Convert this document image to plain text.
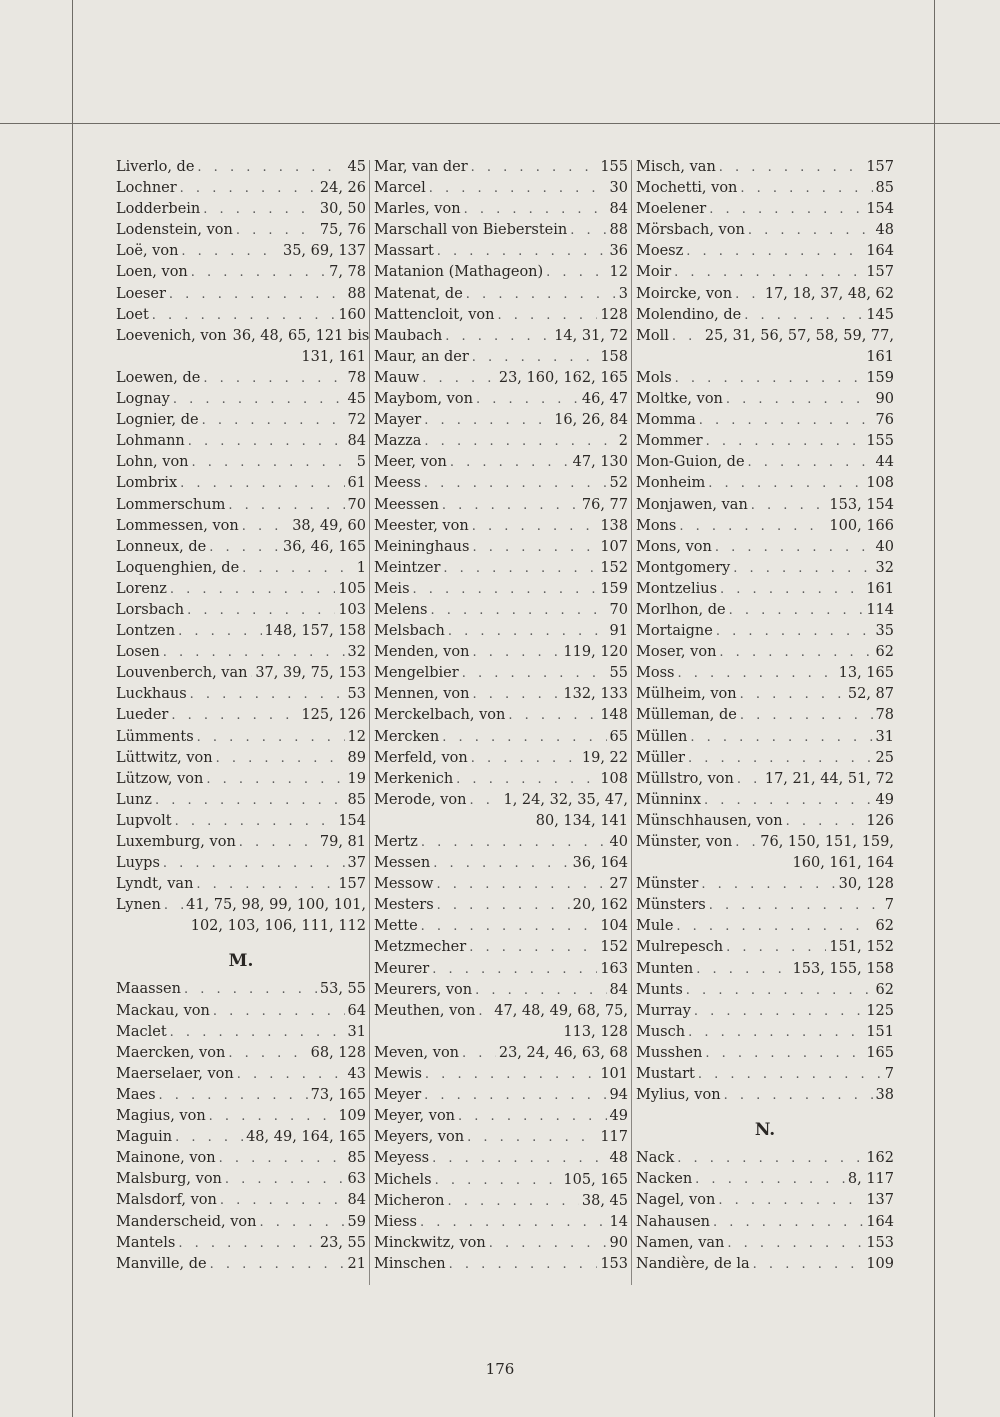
Liverlo, de . . .	45
Lochner . . .	24, 26
Lodderbein . . .	30, 50
Lodenstein, von . . .	75, 76
Loë, von . . .	35, 69, 137
Loen, von . . .	7, 78
Loeser . . .	88
Loet . . .	160
Loevenich, von 36, 48, 65, 121 bis
131, 161
Loewen, de . . .	78
Lognay . . .	45
Lognier, de . . .	72
Lohmann . . .	84
Lohn, von . . .	5
Lombrix . . .	61
Lommerschum . . .	70
Lommessen, von . . .	38, 49, 60
Lonneux, de . . .	36, 46, 165
Loquenghien, de . . .	1
Lorenz . . .	105
Lorsbach . . .	103
Lontzen . . .	148, 157, 158
Losen . . .	32
Louvenberch, van . . . 37, 39, 75, 153
Luckhaus . . .	53
Lueder . . .	125, 126
Lümments . . .	12
Lüttwitz, von . . .	89
Lützow, von . . .	19
Lunz . . .	85
Lupvolt . . .	154
Luxemburg, von . . .	79, 81
Luyps . . .	37
Lyndt, van . . .	157
Lynen . . . 41, 75, 98, 99, 100, 101,
102, 103, 106, 111, 112
M.
Maassen . . .	53, 55
Mackau, von . . .	64
Maclet . . .	31
Maercken, von . . .	68, 128
Maerselaer, von . . .	43
Maes . . .	73, 165
Magius, von . . .	109
Maguin . . .	48, 49, 164, 165
Mainone, von . . .	85
Malsburg, von . . .	63
Malsdorf, von . . .	84
Manderscheid, von . . .	59
Mantels . . .	23, 55
Manville, de . . .	21
Mar, van der . . .	155
Marcel . . .	30
Marles, von . . .	84
Marschall von Bieberstein . . .	88
Massart . . .	36
Matanion (Mathageon) . . .	12
Matenat, de . . .	3
Mattencloit, von . . .	128
Maubach . . .	14, 31, 72
Maur, an der . . .	158
Mauw . . .	23, 160, 162, 165
Maybom, von . . .	46, 47
Mayer . . .	16, 26, 84
Mazza . . .	2
Meer, von . . .	47, 130
Meess . . .	52
Meessen . . .	76, 77
Meester, von . . .	138
Meininghaus . . .	107
Meintzer . . .	152
Meis . . .	159
Melens . . .	70
Melsbach . . .	91
Menden, von . . .	119, 120
Mengelbier . . .	55
Mennen, von . . .	132, 133
Merckelbach, von . . .	148
Mercken . . .	65
Merfeld, von . . .	19, 22
Merkenich . . .	108
Merode, von . . .	1, 24, 32, 35, 47,
80, 134, 141
Mertz . . .	40
Messen . . .	36, 164
Messow . . .	27
Mesters . . .	20, 162
Mette . . .	104
Metzmecher . . .	152
Meurer . . .	163
Meurers, von . . .	84
Meuthen, von . . . 47, 48, 49, 68, 75,
113, 128
Meven, von . . .	23, 24, 46, 63, 68
Mewis . . .	101
Meyer . . .	94
Meyer, von . . .	49
Meyers, von . . .	117
Meyess . . .	48
Michels . . .	105, 165
Micheron . . .	38, 45
Miess . . .	14
Minckwitz, von . . .	90
Minschen . . .	153
Misch, van . . .	157
Mochetti, von . . .	85
Moelener . . .	154
Mörsbach, von . . .	48
Moesz . . .	164
Moir . . .	157
Moircke, von . . . 17, 18, 37, 48, 62
Molendino, de . . .	145
Moll . . . 25, 31, 56, 57, 58, 59, 77,
161
Mols . . .	159
Moltke, von . . .	90
Momma . . .	76
Mommer . . .	155
Mon-Guion, de . . .	44
Monheim . . .	108
Monjawen, van . . .	153, 154
Mons . . .	100, 166
Mons, von . . .	40
Montgomery . . .	32
Montzelius . . .	161
Morlhon, de . . .	114
Mortaigne . . .	35
Moser, von . . .	62
Moss . . .	13, 165
Mülheim, von . . .	52, 87
Mülleman, de . . .	78
Müllen . . .	31
Müller . . .	25
Müllstro, von . . . 17, 21, 44, 51, 72
Münninx . . .	49
Münschhausen, von . . .	126
Münster, von . . . 76, 150, 151, 159,
160, 161, 164
Münster . . .	30, 128
Münsters . . .	7
Mule . . .	62
Mulrepesch . . .	151, 152
Munten . . .	153, 155, 158
Munts . . .	62
Murray . . .	125
Musch . . .	151
Musshen . . .	165
Mustart . . .	7
Mylius, von . . .	38
N.
Nack . . .	162
Nacken . . .	8, 117
Nagel, von . . .	137
Nahausen . . .	164
Namen, van . . .	153
Nandière, de la . . .	109
176
